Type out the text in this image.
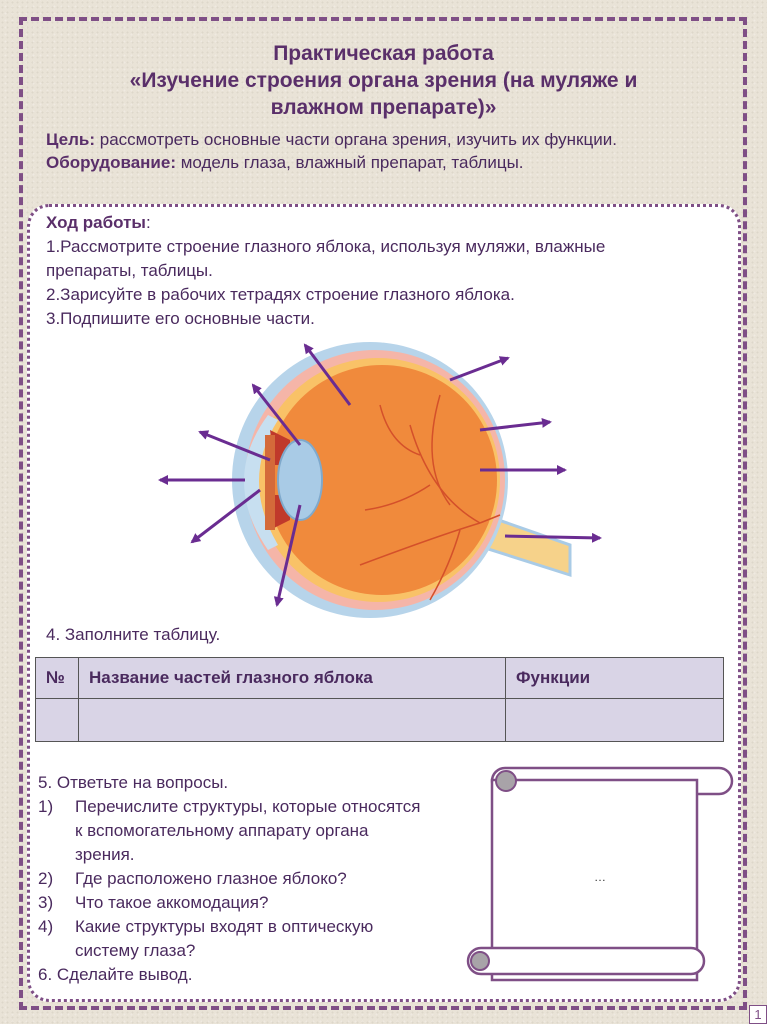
Практическая работа
«Изучение строения органа зрения (на муляже и
влажном препарате)»
Цель: рассмотреть основные части органа зрения, изучить их функции.
Оборудование: модель глаза, влажный препарат, таблицы.
Ход работы:
1.Рассмотрите строение глазного яблока, используя муляжи, влажные
препараты, таблицы.
2.Зарисуйте в рабочих тетрадях строение глазного яблока.
3.Подпишите его основные части.
4. Заполните таблицу.
№	Название частей глазного яблока	Функции

5. Ответьте на вопросы.
1)	Перечислите структуры, которые относятся
к вспомогательному аппарату органа
зрения.
2)	Где расположено глазное яблоко?
3)	Что такое аккомодация?
4)	Какие структуры входят в оптическую
систему глаза?
6. Сделайте вывод.
…
1
